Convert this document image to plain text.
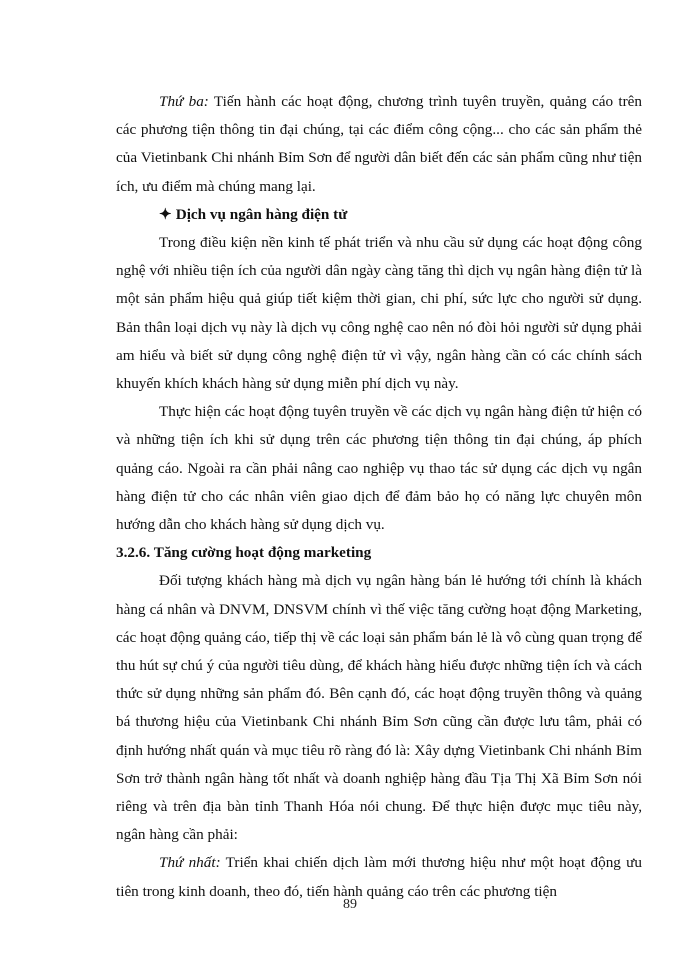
Thứ ba: Tiến hành các hoạt động, chương trình tuyên truyền, quảng cáo trên các phương tiện thông tin đại chúng, tại các điểm công cộng... cho các sản phẩm thẻ của Vietinbank Chi nhánh Bỉm Sơn để người dân biết đến các sản phẩm cũng như tiện ích, ưu điểm mà chúng mang lại.

✦ Dịch vụ ngân hàng điện tử

Trong điều kiện nền kinh tế phát triển và nhu cầu sử dụng các hoạt động công nghệ với nhiều tiện ích của người dân ngày càng tăng thì dịch vụ ngân hàng điện tử là một sản phẩm hiệu quả giúp tiết kiệm thời gian, chi phí, sức lực cho người sử dụng. Bản thân loại dịch vụ này là dịch vụ công nghệ cao nên nó đòi hỏi người sử dụng phải am hiểu và biết sử dụng công nghệ điện tử vì vậy, ngân hàng cần có các chính sách khuyến khích khách hàng sử dụng miễn phí dịch vụ này.

Thực hiện các hoạt động tuyên truyền về các dịch vụ ngân hàng điện tử hiện có và những tiện ích khi sử dụng trên các phương tiện thông tin đại chúng, áp phích quảng cáo. Ngoài ra cần phải nâng cao nghiệp vụ thao tác sử dụng các dịch vụ ngân hàng điện tử cho các nhân viên giao dịch để đảm bảo họ có năng lực chuyên môn hướng dẫn cho khách hàng sử dụng dịch vụ.

3.2.6. Tăng cường hoạt động marketing

Đối tượng khách hàng mà dịch vụ ngân hàng bán lẻ hướng tới chính là khách hàng cá nhân và DNVM, DNSVM chính vì thế việc tăng cường hoạt động Marketing, các hoạt động quảng cáo, tiếp thị về các loại sản phẩm bán lẻ là vô cùng quan trọng để thu hút sự chú ý của người tiêu dùng, để khách hàng hiểu được những tiện ích và cách thức sử dụng những sản phẩm đó. Bên cạnh đó, các hoạt động truyền thông và quảng bá thương hiệu của Vietinbank Chi nhánh Bỉm Sơn cũng cần được lưu tâm, phải có định hướng nhất quán và mục tiêu rõ ràng đó là: Xây dựng Vietinbank Chi nhánh Bỉm Sơn trở thành ngân hàng tốt nhất và doanh nghiệp hàng đầu Tịa Thị Xã Bỉm Sơn nói riêng và trên địa bàn tỉnh Thanh Hóa nói chung. Để thực hiện được mục tiêu này, ngân hàng cần phải:

Thứ nhất: Triển khai chiến dịch làm mới thương hiệu như một hoạt động ưu tiên trong kinh doanh, theo đó, tiến hành quảng cáo trên các phương tiện

89
